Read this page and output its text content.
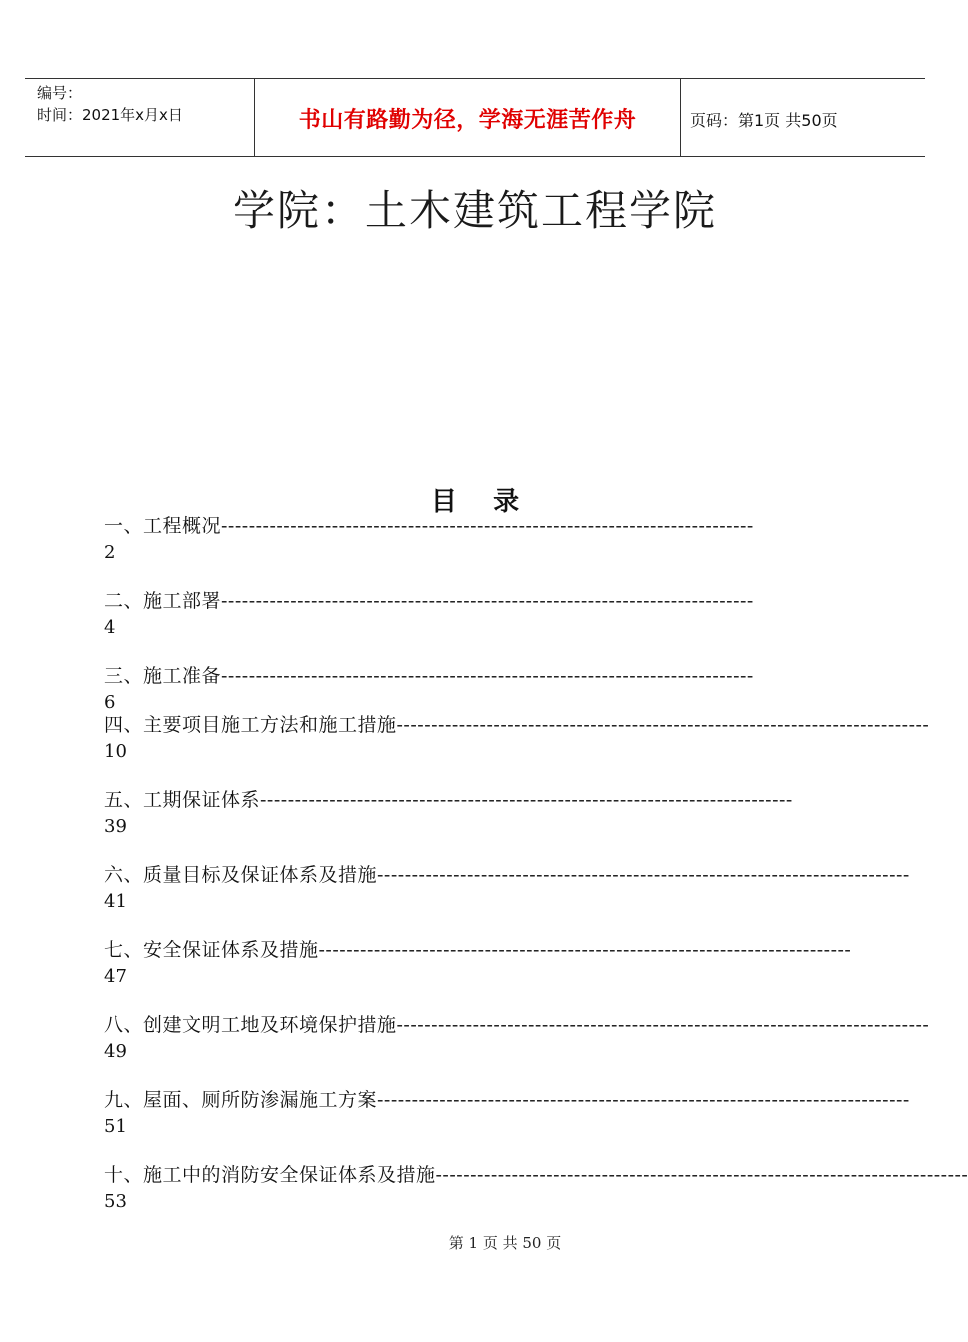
编号：
时间：2021年x月x日	书山有路勤为径，学海无涯苦作舟	页码：第1页 共50页
学院：土木建筑工程学院
目    录
一、工程概况-----------------------------------------------------------------------------
2
二、施工部署-----------------------------------------------------------------------------
4
三、施工准备-----------------------------------------------------------------------------
6
四、主要项目施工方法和施工措施-----------------------------------------------------------------------------
10
五、工期保证体系-----------------------------------------------------------------------------
39
六、质量目标及保证体系及措施-----------------------------------------------------------------------------
41
七、安全保证体系及措施-----------------------------------------------------------------------------
47
八、创建文明工地及环境保护措施-----------------------------------------------------------------------------
49
九、屋面、厕所防渗漏施工方案-----------------------------------------------------------------------------
51
十、施工中的消防安全保证体系及措施-----------------------------------------------------------------------------
53
第 1 页 共 50 页
